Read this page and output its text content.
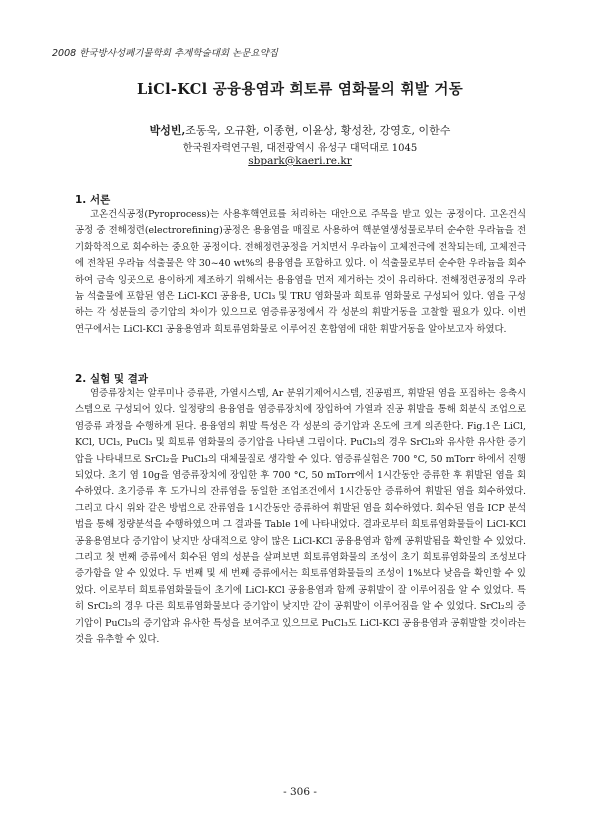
2008 한국방사성폐기물학회 추계학술대회 논문요약집
LiCl-KCl 공융용염과 희토류 염화물의 휘발 거동
박성빈,조동욱, 오규환, 이종현, 이윤상, 황성찬, 강영호, 이한수
한국원자력연구원, 대전광역시 유성구 대덕대로 1045
sbpark@kaeri.re.kr
1. 서론

고온건식공정(Pyroprocess)는 사용후핵연료를 처리하는 대안으로 주목을 받고 있는 공정이다. 고온건식공정 중 전해정련(electrorefining)공정은 용융염을 매질로 사용하여 핵분열생성물로부터 순수한 우라늄을 전기화학적으로 회수하는 중요한 공정이다. 전해정련공정을 거치면서 우라늄이 고체전극에 전착되는데, 고체전극에 전착된 우라늄 석출물은 약 30~40 wt%의 용융염을 포함하고 있다. 이 석출물로부터 순수한 우라늄을 회수하여 금속 잉곳으로 용이하게 제조하기 위해서는 용융염을 먼저 제거하는 것이 유리하다. 전해정련공정의 우라늄 석출물에 포함된 염은 LiCl-KCl 공융용, UCl₃ 및 TRU 염화물과 희토류 염화물로 구성되어 있다. 염을 구성하는 각 성분들의 증기압의 차이가 있으므로 염증류공정에서 각 성분의 휘발거동을 고찰할 필요가 있다. 이번 연구에서는 LiCl-KCl 공융용염과 희토류염화물로 이루어진 혼합염에 대한 휘발거동을 알아보고자 하였다.

2. 실험 및 결과

염증류장치는 알루미나 증류관, 가열시스템, Ar 분위기제어시스템, 진공펌프, 휘발된 염을 포집하는 응축시스템으로 구성되어 있다. 일정량의 용융염을 염증류장치에 장입하여 가열과 진공 휘발을 통해 회분식 조업으로 염증류 과정을 수행하게 된다. 용융염의 휘발 특성은 각 성분의 증기압과 온도에 크게 의존한다. Fig.1은 LiCl, KCl, UCl₃, PuCl₃ 및 희토류 염화물의 증기압을 나타낸 그림이다. PuCl₃의 경우 SrCl₂와 유사한 유사한 증기압을 나타내므로 SrCl₂을 PuCl₃의 대체물질로 생각할 수 있다. 염증류실험은 700 °C, 50 mTorr 하에서 진행되었다. 초기 염 10g을 염증류장치에 장입한 후 700 °C, 50 mTorr에서 1시간동안 증류한 후 휘발된 염을 회수하였다. 초기증류 후 도가니의 잔류염을 동일한 조업조건에서 1시간동안 증류하여 휘발된 염을 회수하였다. 그리고 다시 위와 같은 방법으로 잔류염을 1시간동안 증류하여 휘발된 염을 회수하였다. 회수된 염을 ICP 분석법을 통해 정량분석을 수행하였으며 그 결과를 Table 1에 나타내었다. 결과로부터 희토류염화물들이 LiCl-KCl 공융용염보다 증기압이 낮지만 상대적으로 양이 많은 LiCl-KCl 공융용염과 함께 공휘발됨을 확인할 수 있었다. 그리고 첫 번째 증류에서 회수된 염의 성분을 살펴보면 희토류염화물의 조성이 초기 희토류염화물의 조성보다 증가함을 알 수 있었다. 두 번째 및 세 번째 증류에서는 희토류염화물들의 조성이 1%보다 낮음을 확인할 수 있었다. 이로부터 희토류염화물들이 초기에 LiCl-KCl 공융용염과 함께 공휘발이 잘 이루어짐을 알 수 있었다. 특히 SrCl₂의 경우 다른 희토류염화물보다 증기압이 낮지만 같이 공휘발이 이루어짐을 알 수 있었다. SrCl₂의 증기압이 PuCl₃의 증기압과 유사한 특성을 보여주고 있으므로 PuCl₃도 LiCl-KCl 공융용염과 공휘발할 것이라는 것을 유추할 수 있다.

- 306 -
